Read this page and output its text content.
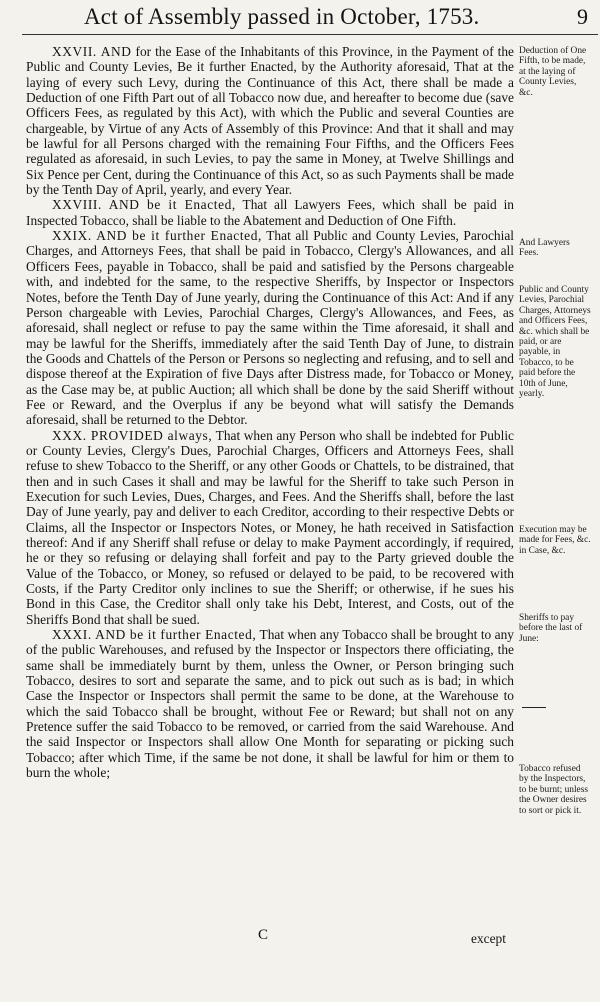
Act of Assembly passed in October, 1753.	9

XXVII. AND for the Ease of the Inhabitants of this Province, in the Payment of the Public and County Levies, Be it further Enacted, by the Authority aforesaid, That at the laying of every such Levy, during the Continuance of this Act, there shall be made a Deduction of one Fifth Part out of all Tobacco now due, and hereafter to become due (save Officers Fees, as regulated by this Act), with which the Public and several Counties are chargeable, by Virtue of any Acts of Assembly of this Province: And that it shall and may be lawful for all Persons charged with the remaining Four Fifths, and the Officers Fees regulated as aforesaid, in such Levies, to pay the same in Money, at Twelve Shillings and Six Pence per Cent, during the Continuance of this Act, so as such Payments shall be made by the Tenth Day of April, yearly, and every Year.

XXVIII. AND be it Enacted, That all Lawyers Fees, which shall be paid in Inspected Tobacco, shall be liable to the Abatement and Deduction of One Fifth.

XXIX. AND be it further Enacted, That all Public and County Levies, Parochial Charges, and Attorneys Fees, that shall be paid in Tobacco, Clergy's Allowances, and all Officers Fees, payable in Tobacco, shall be paid and satisfied by the Persons chargeable with, and indebted for the same, to the respective Sheriffs, by Inspector or Inspectors Notes, before the Tenth Day of June yearly, during the Continuance of this Act: And if any Person chargeable with Levies, Parochial Charges, Clergy's Allowances, and Fees, as aforesaid, shall neglect or refuse to pay the same within the Time aforesaid, it shall and may be lawful for the Sheriffs, immediately after the said Tenth Day of June, to distrain the Goods and Chattels of the Person or Persons so neglecting and refusing, and to sell and dispose thereof at the Expiration of five Days after Distress made, for Tobacco or Money, as the Case may be, at public Auction; all which shall be done by the said Sheriff without Fee or Reward, and the Overplus if any be beyond what will satisfy the Demands aforesaid, shall be returned to the Debtor.

XXX. PROVIDED always, That when any Person who shall be indebted for Public or County Levies, Clergy's Dues, Parochial Charges, Officers and Attorneys Fees, shall refuse to shew Tobacco to the Sheriff, or any other Goods or Chattels, to be distrained, that then and in such Cases it shall and may be lawful for the Sheriff to take such Person in Execution for such Levies, Dues, Charges, and Fees. And the Sheriffs shall, before the last Day of June yearly, pay and deliver to each Creditor, according to their respective Debts or Claims, all the Inspector or Inspectors Notes, or Money, he hath received in Satisfaction thereof: And if any Sheriff shall refuse or delay to make Payment accordingly, if required, he or they so refusing or delaying shall forfeit and pay to the Party grieved double the Value of the Tobacco, or Money, so refused or delayed to be paid, to be recovered with Costs, if the Party Creditor only inclines to sue the Sheriff; or otherwise, if he sues his Bond in this Case, the Creditor shall only take his Debt, Interest, and Costs, out of the Sheriffs Bond that shall be sued.

XXXI. AND be it further Enacted, That when any Tobacco shall be brought to any of the public Warehouses, and refused by the Inspector or Inspectors there officiating, the same shall be immediately burnt by them, unless the Owner, or Person bringing such Tobacco, desires to sort and separate the same, and to pick out such as is bad; in which Case the Inspector or Inspectors shall permit the same to be done, at the Warehouse to which the said Tobacco shall be brought, without Fee or Reward; but shall not on any Pretence suffer the said Tobacco to be removed, or carried from the said Warehouse. And the said Inspector or Inspectors shall allow One Month for separating or picking such Tobacco; after which Time, if the same be not done, it shall be lawful for him or them to burn the whole;

Deduction of One Fifth, to be made, at the laying of County Levies, &c.
And Lawyers Fees.
Public and County Levies, Parochial Charges, Attorneys and Officers Fees, &c. which shall be paid, or are payable, in Tobacco, to be paid before the 10th of June, yearly.
Execution may be made for Fees, &c. in Case, &c.
Sheriffs to pay before the last of June:
Tobacco refused by the Inspectors, to be burnt; unless the Owner desires to sort or pick it.
C	except
